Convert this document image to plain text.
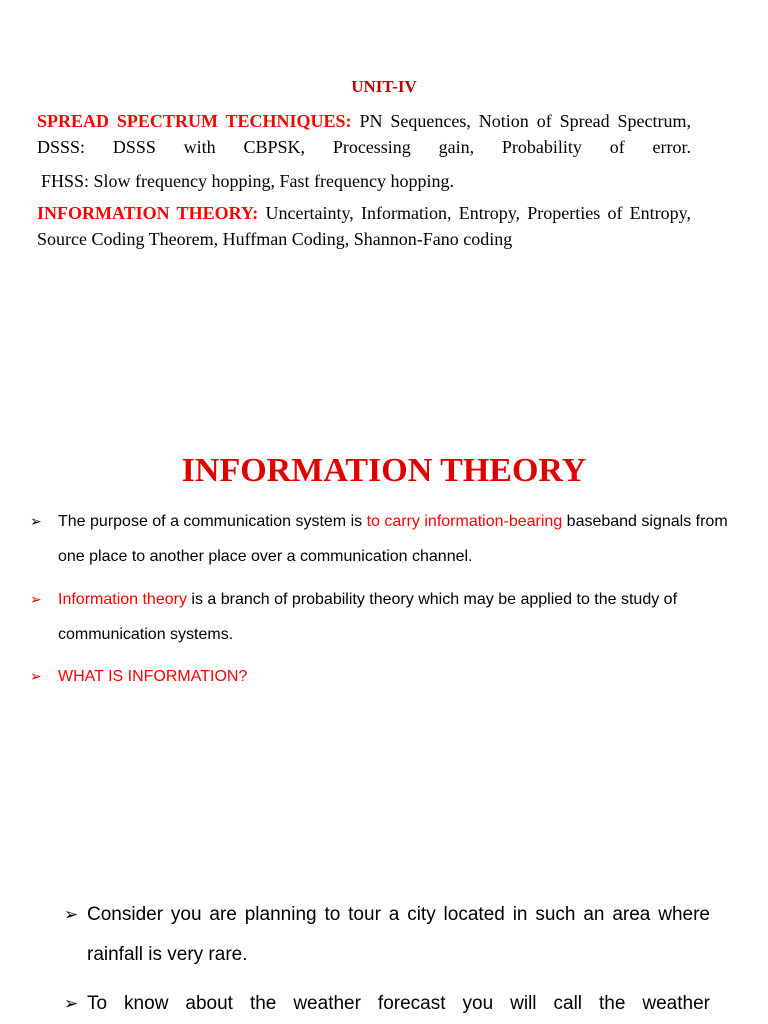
UNIT-IV
SPREAD SPECTRUM TECHNIQUES: PN Sequences, Notion of Spread Spectrum, DSSS: DSSS with CBPSK, Processing gain, Probability of error.
FHSS: Slow frequency hopping, Fast frequency hopping.
INFORMATION THEORY: Uncertainty, Information, Entropy, Properties of Entropy, Source Coding Theorem, Huffman Coding, Shannon-Fano coding
INFORMATION THEORY
➢ The purpose of a communication system is to carry information-bearing baseband signals from one place to another place over a communication channel.
➢ Information theory is a branch of probability theory which may be applied to the study of communication systems.
➢ WHAT IS INFORMATION?
➢ Consider you are planning to tour a city located in such an area where rainfall is very rare.
➢ To know about the weather forecast you will call the weather
